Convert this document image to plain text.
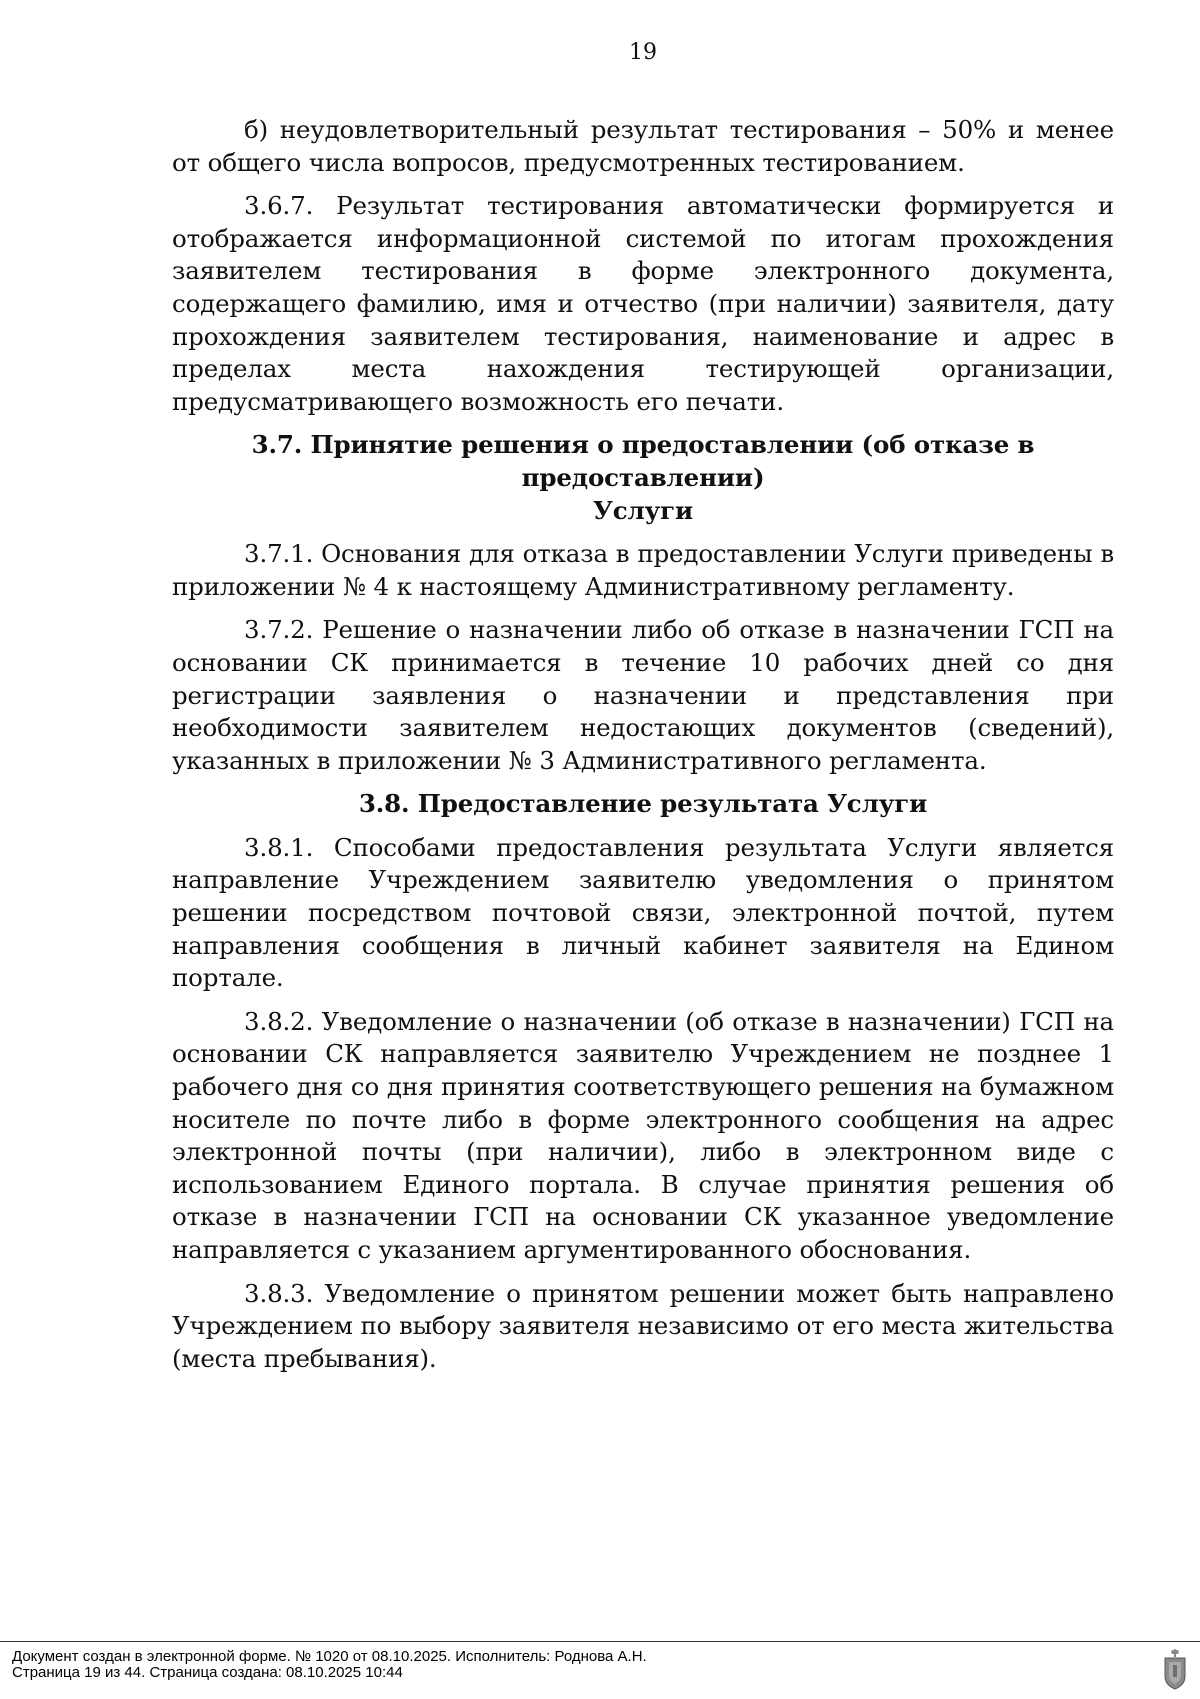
19

б) неудовлетворительный результат тестирования – 50% и менее от общего числа вопросов, предусмотренных тестированием.

3.6.7. Результат тестирования автоматически формируется и отображается информационной системой по итогам прохождения заявителем тестирования в форме электронного документа, содержащего фамилию, имя и отчество (при наличии) заявителя, дату прохождения заявителем тестирования, наименование и адрес в пределах места нахождения тестирующей организации, предусматривающего возможность его печати.

3.7. Принятие решения о предоставлении (об отказе в предоставлении)
Услуги

3.7.1. Основания для отказа в предоставлении Услуги приведены в приложении № 4 к настоящему Административному регламенту.

3.7.2. Решение о назначении либо об отказе в назначении ГСП на основании СК принимается в течение 10 рабочих дней со дня регистрации заявления о назначении и представления при необходимости заявителем недостающих документов (сведений), указанных в приложении № 3 Административного регламента.

3.8. Предоставление результата Услуги

3.8.1. Способами предоставления результата Услуги является направление Учреждением заявителю уведомления о принятом решении посредством почтовой связи, электронной почтой, путем направления сообщения в личный кабинет заявителя на Едином портале.

3.8.2. Уведомление о назначении (об отказе в назначении) ГСП на основании СК направляется заявителю Учреждением не позднее 1 рабочего дня со дня принятия соответствующего решения на бумажном носителе по почте либо в форме электронного сообщения на адрес электронной почты (при наличии), либо в электронном виде с использованием Единого портала. В случае принятия решения об отказе в назначении ГСП на основании СК указанное уведомление направляется с указанием аргументированного обоснования.

3.8.3. Уведомление о принятом решении может быть направлено Учреждением по выбору заявителя независимо от его места жительства (места пребывания).

Документ создан в электронной форме. № 1020 от 08.10.2025. Исполнитель: Роднова А.Н.
Страница 19 из 44. Страница создана: 08.10.2025 10:44
